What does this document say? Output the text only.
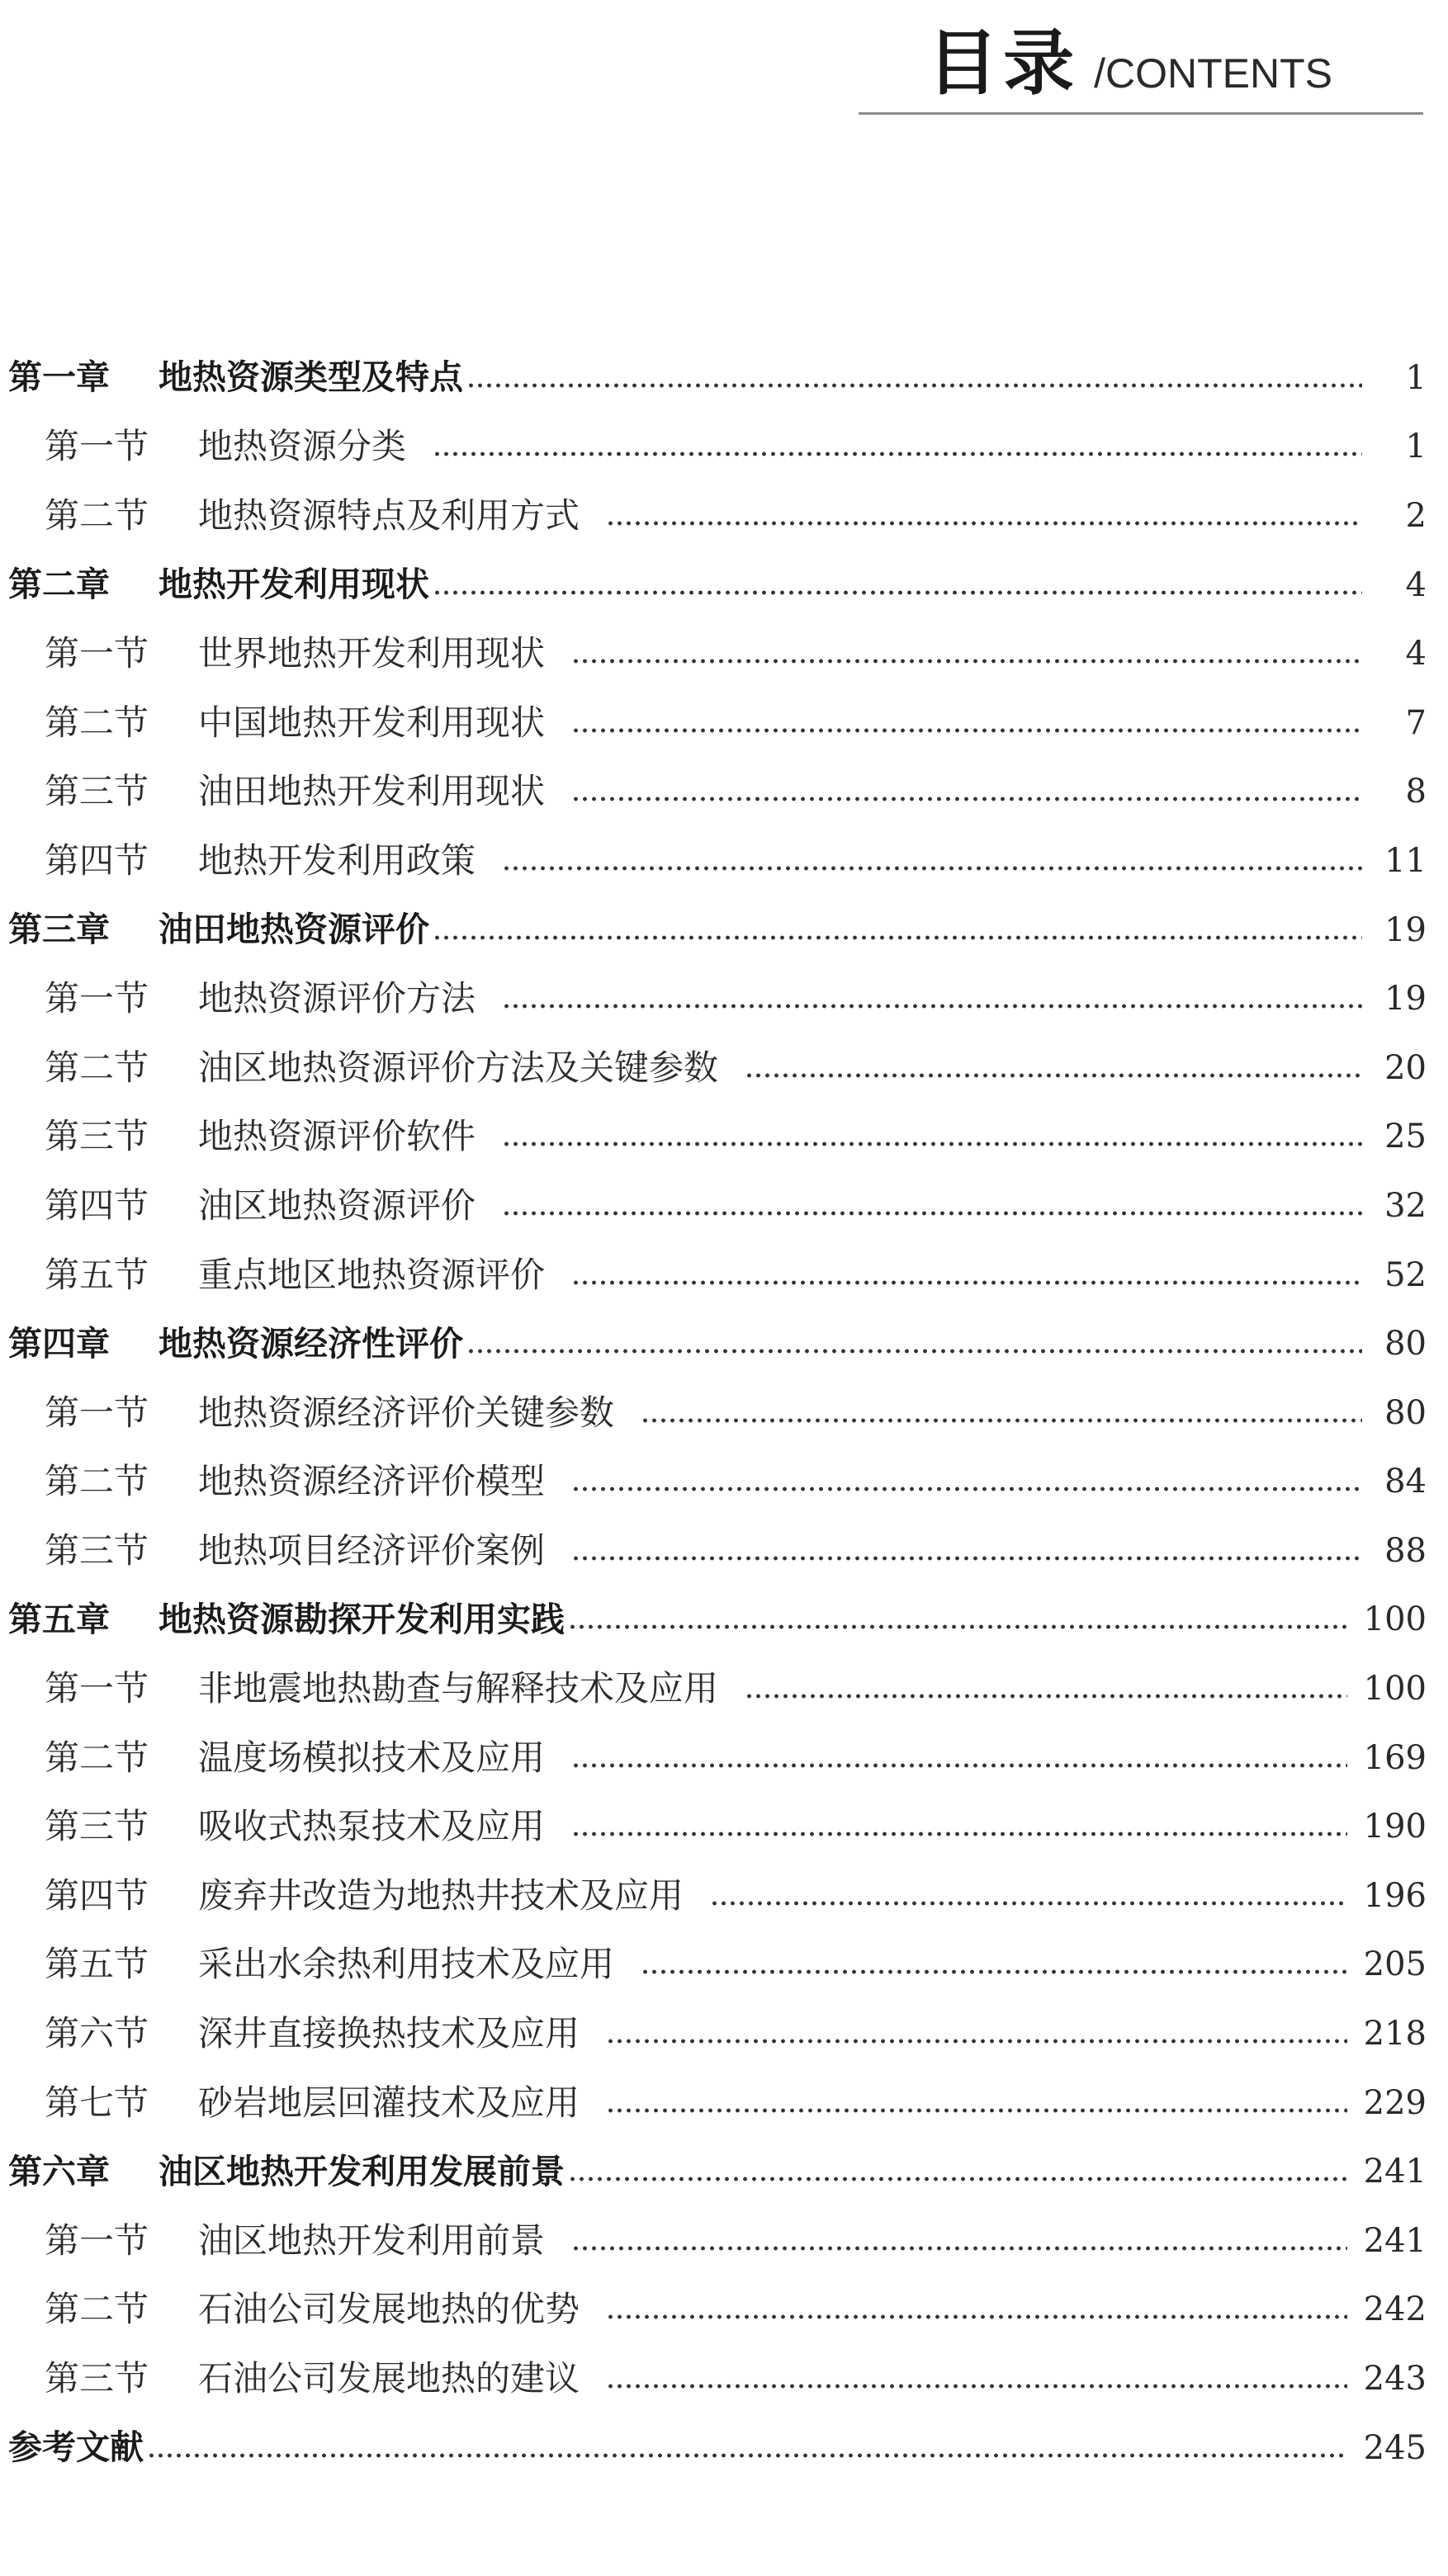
目录 /CONTENTS
第一章	地热资源类型及特点	1
第一节	地热资源分类	1
第二节	地热资源特点及利用方式	2
第二章	地热开发利用现状	4
第一节	世界地热开发利用现状	4
第二节	中国地热开发利用现状	7
第三节	油田地热开发利用现状	8
第四节	地热开发利用政策	11
第三章	油田地热资源评价	19
第一节	地热资源评价方法	19
第二节	油区地热资源评价方法及关键参数	20
第三节	地热资源评价软件	25
第四节	油区地热资源评价	32
第五节	重点地区地热资源评价	52
第四章	地热资源经济性评价	80
第一节	地热资源经济评价关键参数	80
第二节	地热资源经济评价模型	84
第三节	地热项目经济评价案例	88
第五章	地热资源勘探开发利用实践	100
第一节	非地震地热勘查与解释技术及应用	100
第二节	温度场模拟技术及应用	169
第三节	吸收式热泵技术及应用	190
第四节	废弃井改造为地热井技术及应用	196
第五节	采出水余热利用技术及应用	205
第六节	深井直接换热技术及应用	218
第七节	砂岩地层回灌技术及应用	229
第六章	油区地热开发利用发展前景	241
第一节	油区地热开发利用前景	241
第二节	石油公司发展地热的优势	242
第三节	石油公司发展地热的建议	243
参考文献	245
